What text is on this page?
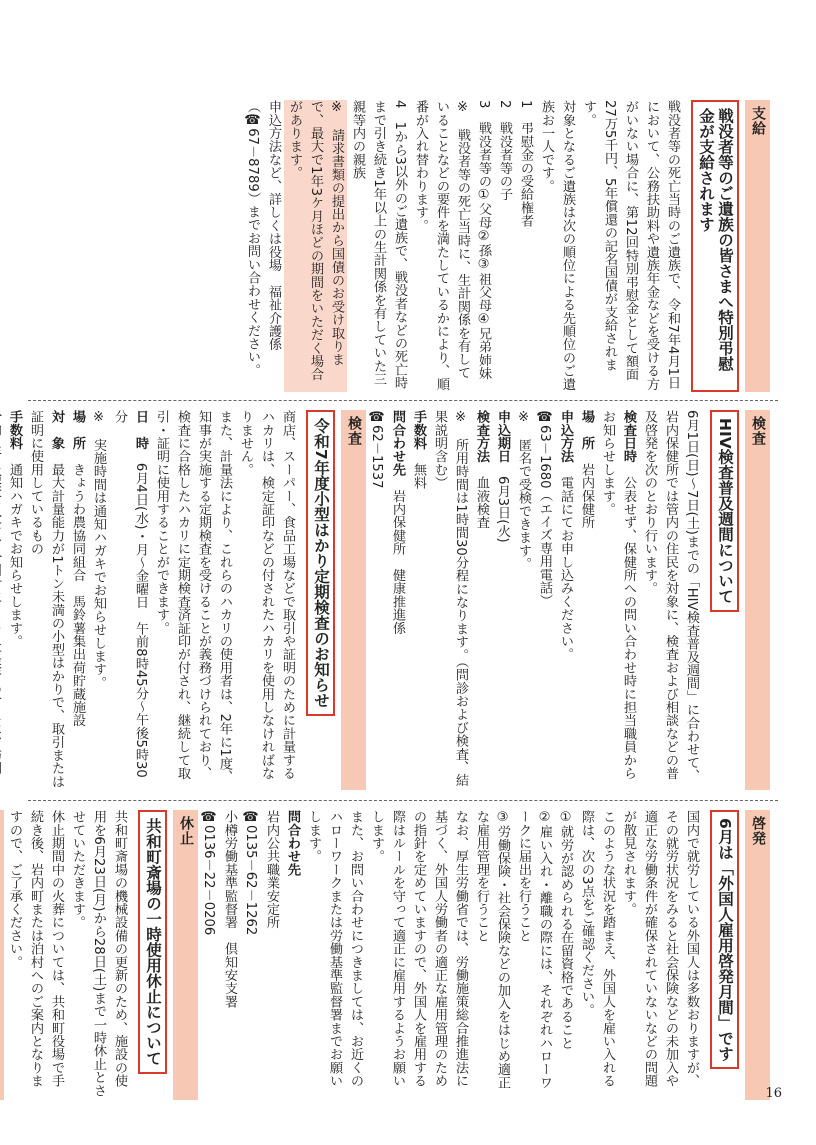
支給
戦没者等のご遺族の皆さまへ特別弔慰金が支給されます

戦没者等の死亡当時のご遺族で、令和7年4月1日において、公務扶助料や遺族年金などを受ける方がいない場合に、第12回特別弔慰金として額面27万5千円、5年償還の記名国債が支給されます。

対象となるご遺族は次の順位による先順位のご遺族お一人です。

1　弔慰金の受給権者

2　戦没者等の子

3　戦没者等の①父母②孫③祖父母④兄弟姉妹

※　戦没者等の死亡当時に、生計関係を有していることなどの要件を満たしているかにより、順番が入れ替わります。

4　1から3以外のご遺族で、戦没者などの死亡時まで引き続き1年以上の生計関係を有していた三親等内の親族

※　請求書類の提出から国債のお受け取りまで、最大で1年3ケ月ほどの期間をいただく場合があります。

申込方法など、詳しくは役場　福祉介護係（☎67－8789）までお問い合わせください。

検査
HIV検査普及週間について

6月1日(日)～7日(土)までの「HIV検査普及週間」に合わせて、岩内保健所では管内の住民を対象に、検査および相談などの普及啓発を次のとおり行います。

検査日時　公表せず、保健所への問い合わせ時に担当職員からお知らせします。

場　所　岩内保健所

申込方法　電話にてお申し込みください。

☎63－1680（エイズ専用電話）

※　匿名で受検できます。

申込期日　6月3日(火)

検査方法　血液検査

※　所用時間は1時間30分程になります。（問診および検査、結果説明含む）

手数料　無料

問合わせ先　岩内保健所　健康推進係

☎62－1537

検査
令和7年度小型はかり定期検査のお知らせ

商店、スーパー、食品工場などで取引や証明のために計量するハカリは、検定証印などの付されたハカリを使用しなければなりません。

また、計量法により、これらのハカリの使用者は、2年に1度、知事が実施する定期検査を受けることが義務づけられており、検査に合格したハカリに定期検査済証印が付され、継続して取引・証明に使用することができます。

日　時　6月4日(水)・月～金曜日　午前8時45分～午後5時30分

※　実施時間は通知ハガキでお知らせします。

場　所　きょうわ農協同組合　馬鈴薯集出荷貯蔵施設

対　象　最大計量能力が1トン未満の小型はかりで、取引または証明に使用しているもの

手数料　通知ハガキでお知らせします。

啓発
6月は「外国人雇用啓発月間」です

国内で就労している外国人は多数おりますが、その就労状況をみると社会保険などの未加入や適正な労働条件が確保されていないなどの問題が散見されます。

このような状況を踏まえ、外国人を雇い入れる際は、次の3点をご確認ください。

①就労が認められる在留資格であること

②雇い入れ・離職の際には、それぞれハローワークに届出を行うこと

③労働保険・社会保険などの加入をはじめ適正な雇用管理を行うこと

なお、厚生労働省では、労働施策総合推進法に基づく、外国人労働者の適正な雇用管理のための指針を定めていますので、外国人を雇用する際はルールを守って適正に雇用するようお願いします。

また、お問い合わせにつきましては、お近くのハローワークまたは労働基準監督署までお願いします。

問合わせ先

岩内公共職業安定所

☎0135－62－1262

小樽労働基準監督署　倶知安支署

☎0136－22－0206

休止
共和町斎場の一時使用休止について

共和町斎場の機械設備の更新のため、施設の使用を6月23日(月)から28日(土)まで一時休止とさせていただきます。

休止期間中の火葬については、共和町役場で手続き後、岩内町または泊村へのご案内となりますので、ご了承ください。

16
